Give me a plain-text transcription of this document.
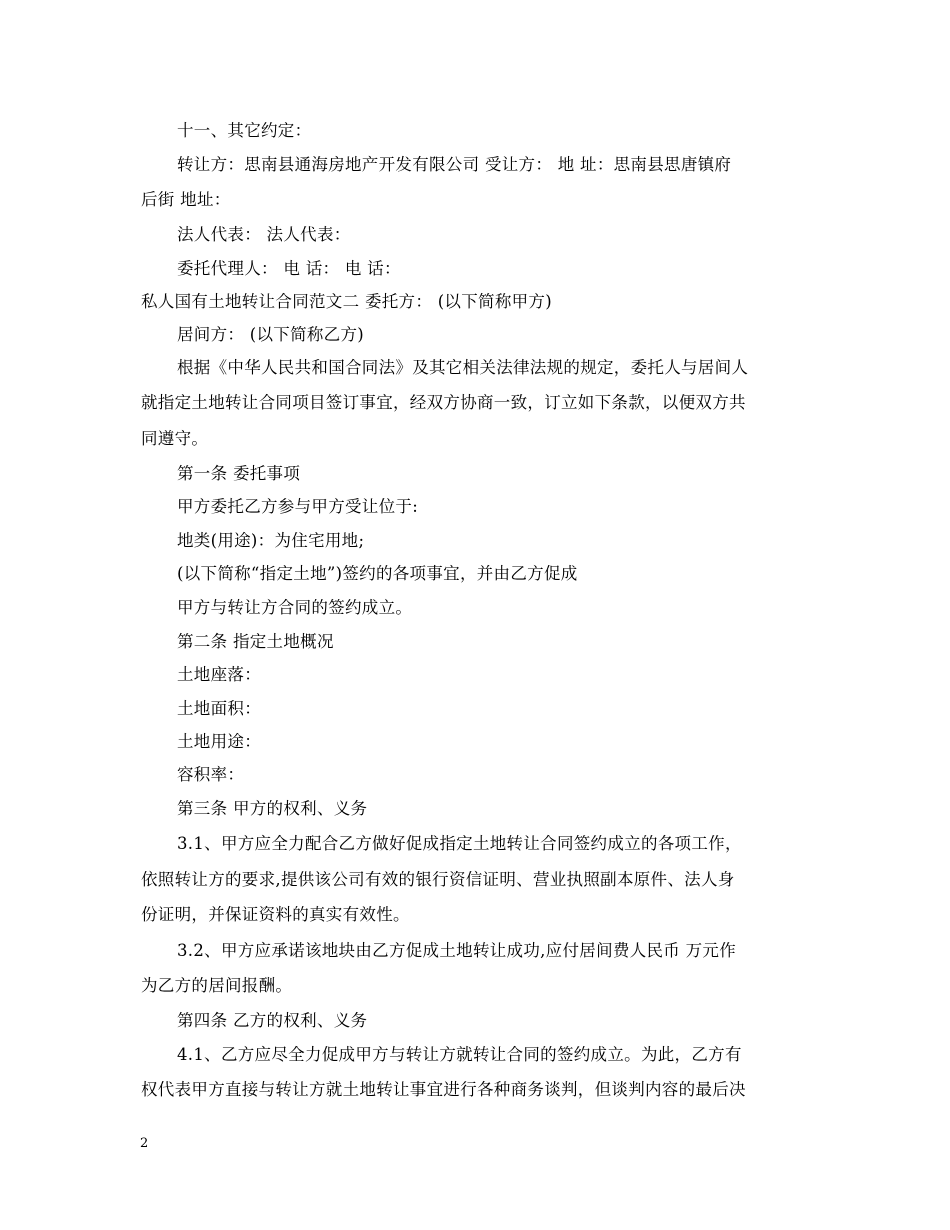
十一、其它约定：
转让方：思南县通海房地产开发有限公司 受让方： 地 址：思南县思唐镇府
后街 地址：
法人代表： 法人代表：
委托代理人： 电 话： 电 话：
私人国有土地转让合同范文二 委托方： (以下简称甲方)
居间方： (以下简称乙方)
根据《中华人民共和国合同法》及其它相关法律法规的规定，委托人与居间人
就指定土地转让合同项目签订事宜，经双方协商一致，订立如下条款，以便双方共
同遵守。
第一条 委托事项
甲方委托乙方参与甲方受让位于:
地类(用途)：为住宅用地;
(以下简称“指定土地”)签约的各项事宜，并由乙方促成
甲方与转让方合同的签约成立。
第二条 指定土地概况
土地座落：
土地面积：
土地用途：
容积率：
第三条 甲方的权利、义务
3.1、甲方应全力配合乙方做好促成指定土地转让合同签约成立的各项工作，
依照转让方的要求,提供该公司有效的银行资信证明、营业执照副本原件、法人身
份证明，并保证资料的真实有效性。
3.2、甲方应承诺该地块由乙方促成土地转让成功,应付居间费人民币 万元作
为乙方的居间报酬。
第四条 乙方的权利、义务
4.1、乙方应尽全力促成甲方与转让方就转让合同的签约成立。为此，乙方有
权代表甲方直接与转让方就土地转让事宜进行各种商务谈判，但谈判内容的最后决
2
